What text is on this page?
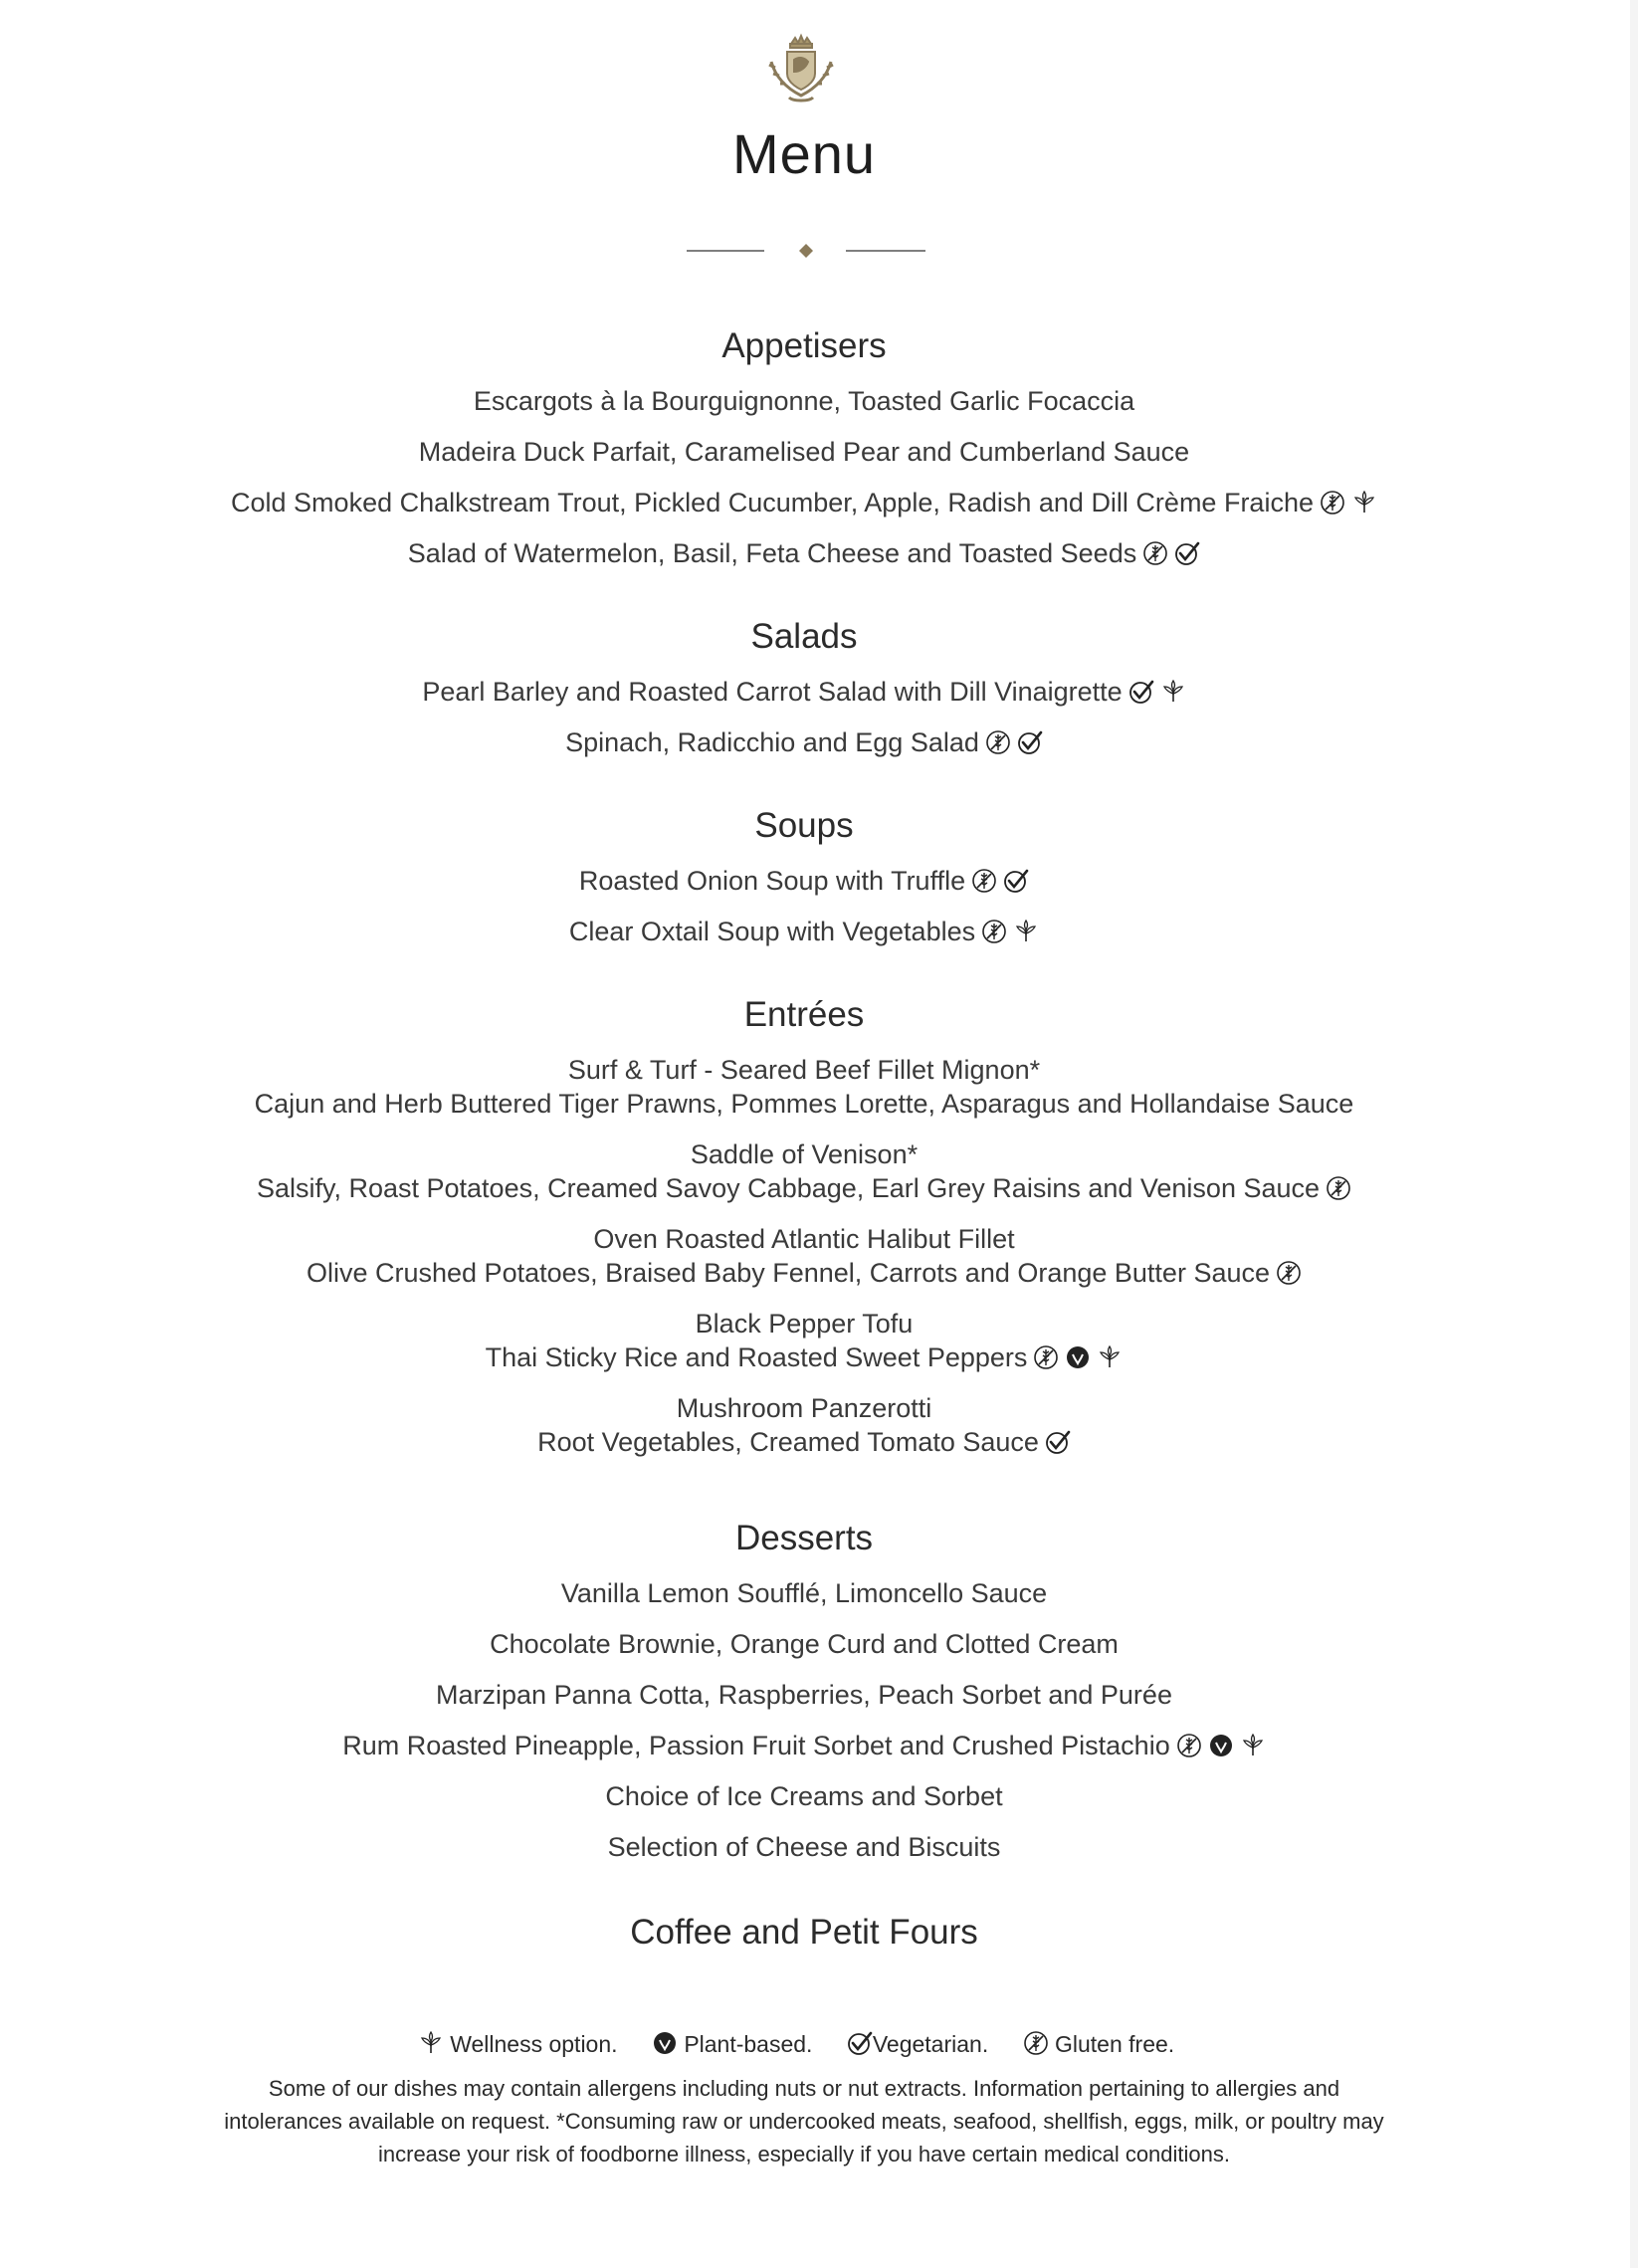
Menu
Appetisers
Escargots à la Bourguignonne, Toasted Garlic Focaccia
Madeira Duck Parfait, Caramelised Pear and Cumberland Sauce
Cold Smoked Chalkstream Trout, Pickled Cucumber, Apple, Radish and Dill Crème Fraiche
Salad of Watermelon, Basil, Feta Cheese and Toasted Seeds
Salads
Pearl Barley and Roasted Carrot Salad with Dill Vinaigrette
Spinach, Radicchio and Egg Salad
Soups
Roasted Onion Soup with Truffle
Clear Oxtail Soup with Vegetables
Entrées
Surf & Turf - Seared Beef Fillet Mignon*
Cajun and Herb Buttered Tiger Prawns, Pommes Lorette, Asparagus and Hollandaise Sauce
Saddle of Venison*
Salsify, Roast Potatoes, Creamed Savoy Cabbage, Earl Grey Raisins and Venison Sauce
Oven Roasted Atlantic Halibut Fillet
Olive Crushed Potatoes, Braised Baby Fennel, Carrots and Orange Butter Sauce
Black Pepper Tofu
Thai Sticky Rice and Roasted Sweet Peppers
Mushroom Panzerotti
Root Vegetables, Creamed Tomato Sauce
Desserts
Vanilla Lemon Soufflé, Limoncello Sauce
Chocolate Brownie, Orange Curd and Clotted Cream
Marzipan Panna Cotta, Raspberries, Peach Sorbet and Purée
Rum Roasted Pineapple, Passion Fruit Sorbet and Crushed Pistachio
Choice of Ice Creams and Sorbet
Selection of Cheese and Biscuits
Coffee and Petit Fours
Wellness option.	Plant-based.	Vegetarian.	Gluten free.
Some of our dishes may contain allergens including nuts or nut extracts. Information pertaining to allergies and
intolerances available on request. *Consuming raw or undercooked meats, seafood, shellfish, eggs, milk, or poultry may
increase your risk of foodborne illness, especially if you have certain medical conditions.
